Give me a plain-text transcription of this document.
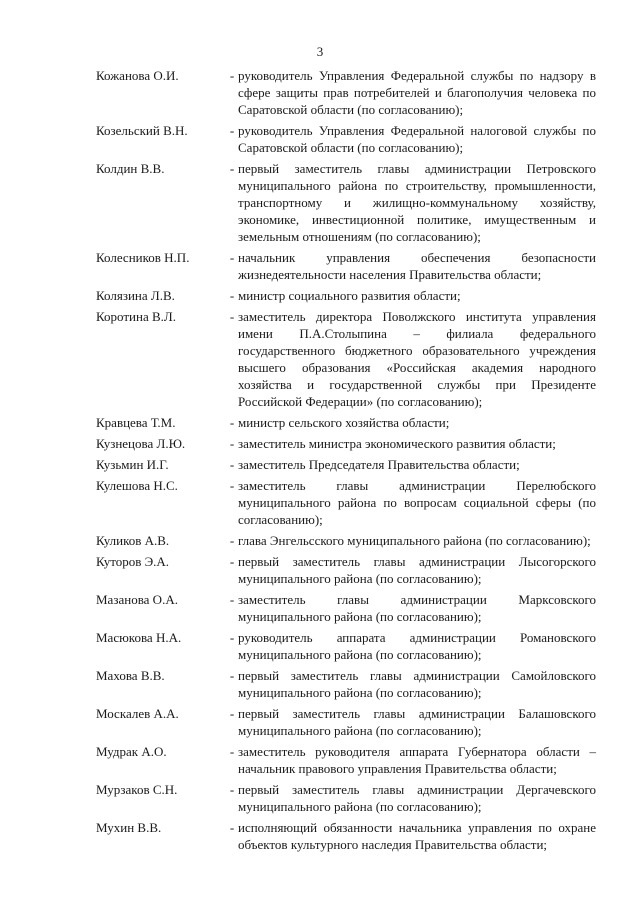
3
Кожанова О.И.	- руководитель Управления Федеральной службы по надзору в сфере защиты прав потребителей и благополучия человека по Саратовской области (по согласованию);
Козельский В.Н.	- руководитель Управления Федеральной налоговой службы по Саратовской области (по согласованию);
Колдин В.В.	- первый заместитель главы администрации Петровского муниципального района по строительству, промышленности, транспортному и жилищно-коммунальному хозяйству, экономике, инвестиционной политике, имущественным и земельным отношениям (по согласованию);
Колесников Н.П.	- начальник управления обеспечения безопасности жизнедеятельности населения Правительства области;
Колязина Л.В.	- министр социального развития области;
Коротина В.Л.	- заместитель директора Поволжского института управления имени П.А.Столыпина – филиала федерального государственного бюджетного образовательного учреждения высшего образования «Российская академия народного хозяйства и государственной службы при Президенте Российской Федерации» (по согласованию);
Кравцева Т.М.	- министр сельского хозяйства области;
Кузнецова Л.Ю.	- заместитель министра экономического развития области;
Кузьмин И.Г.	- заместитель Председателя Правительства области;
Кулешова Н.С.	- заместитель главы администрации Перелюбского муниципального района по вопросам социальной сферы (по согласованию);
Куликов А.В.	- глава Энгельсского муниципального района (по согласованию);
Куторов Э.А.	- первый заместитель главы администрации Лысогорского муниципального района (по согласованию);
Мазанова О.А.	- заместитель главы администрации Марксовского муниципального района (по согласованию);
Масюкова Н.А.	- руководитель аппарата администрации Романовского муниципального района (по согласованию);
Махова В.В.	- первый заместитель главы администрации Самойловского муниципального района (по согласованию);
Москалев А.А.	- первый заместитель главы администрации Балашовского муниципального района (по согласованию);
Мудрак А.О.	- заместитель руководителя аппарата Губернатора области – начальник правового управления Правительства области;
Мурзаков С.Н.	- первый заместитель главы администрации Дергачевского муниципального района (по согласованию);
Мухин В.В.	- исполняющий обязанности начальника управления по охране объектов культурного наследия Правительства области;
